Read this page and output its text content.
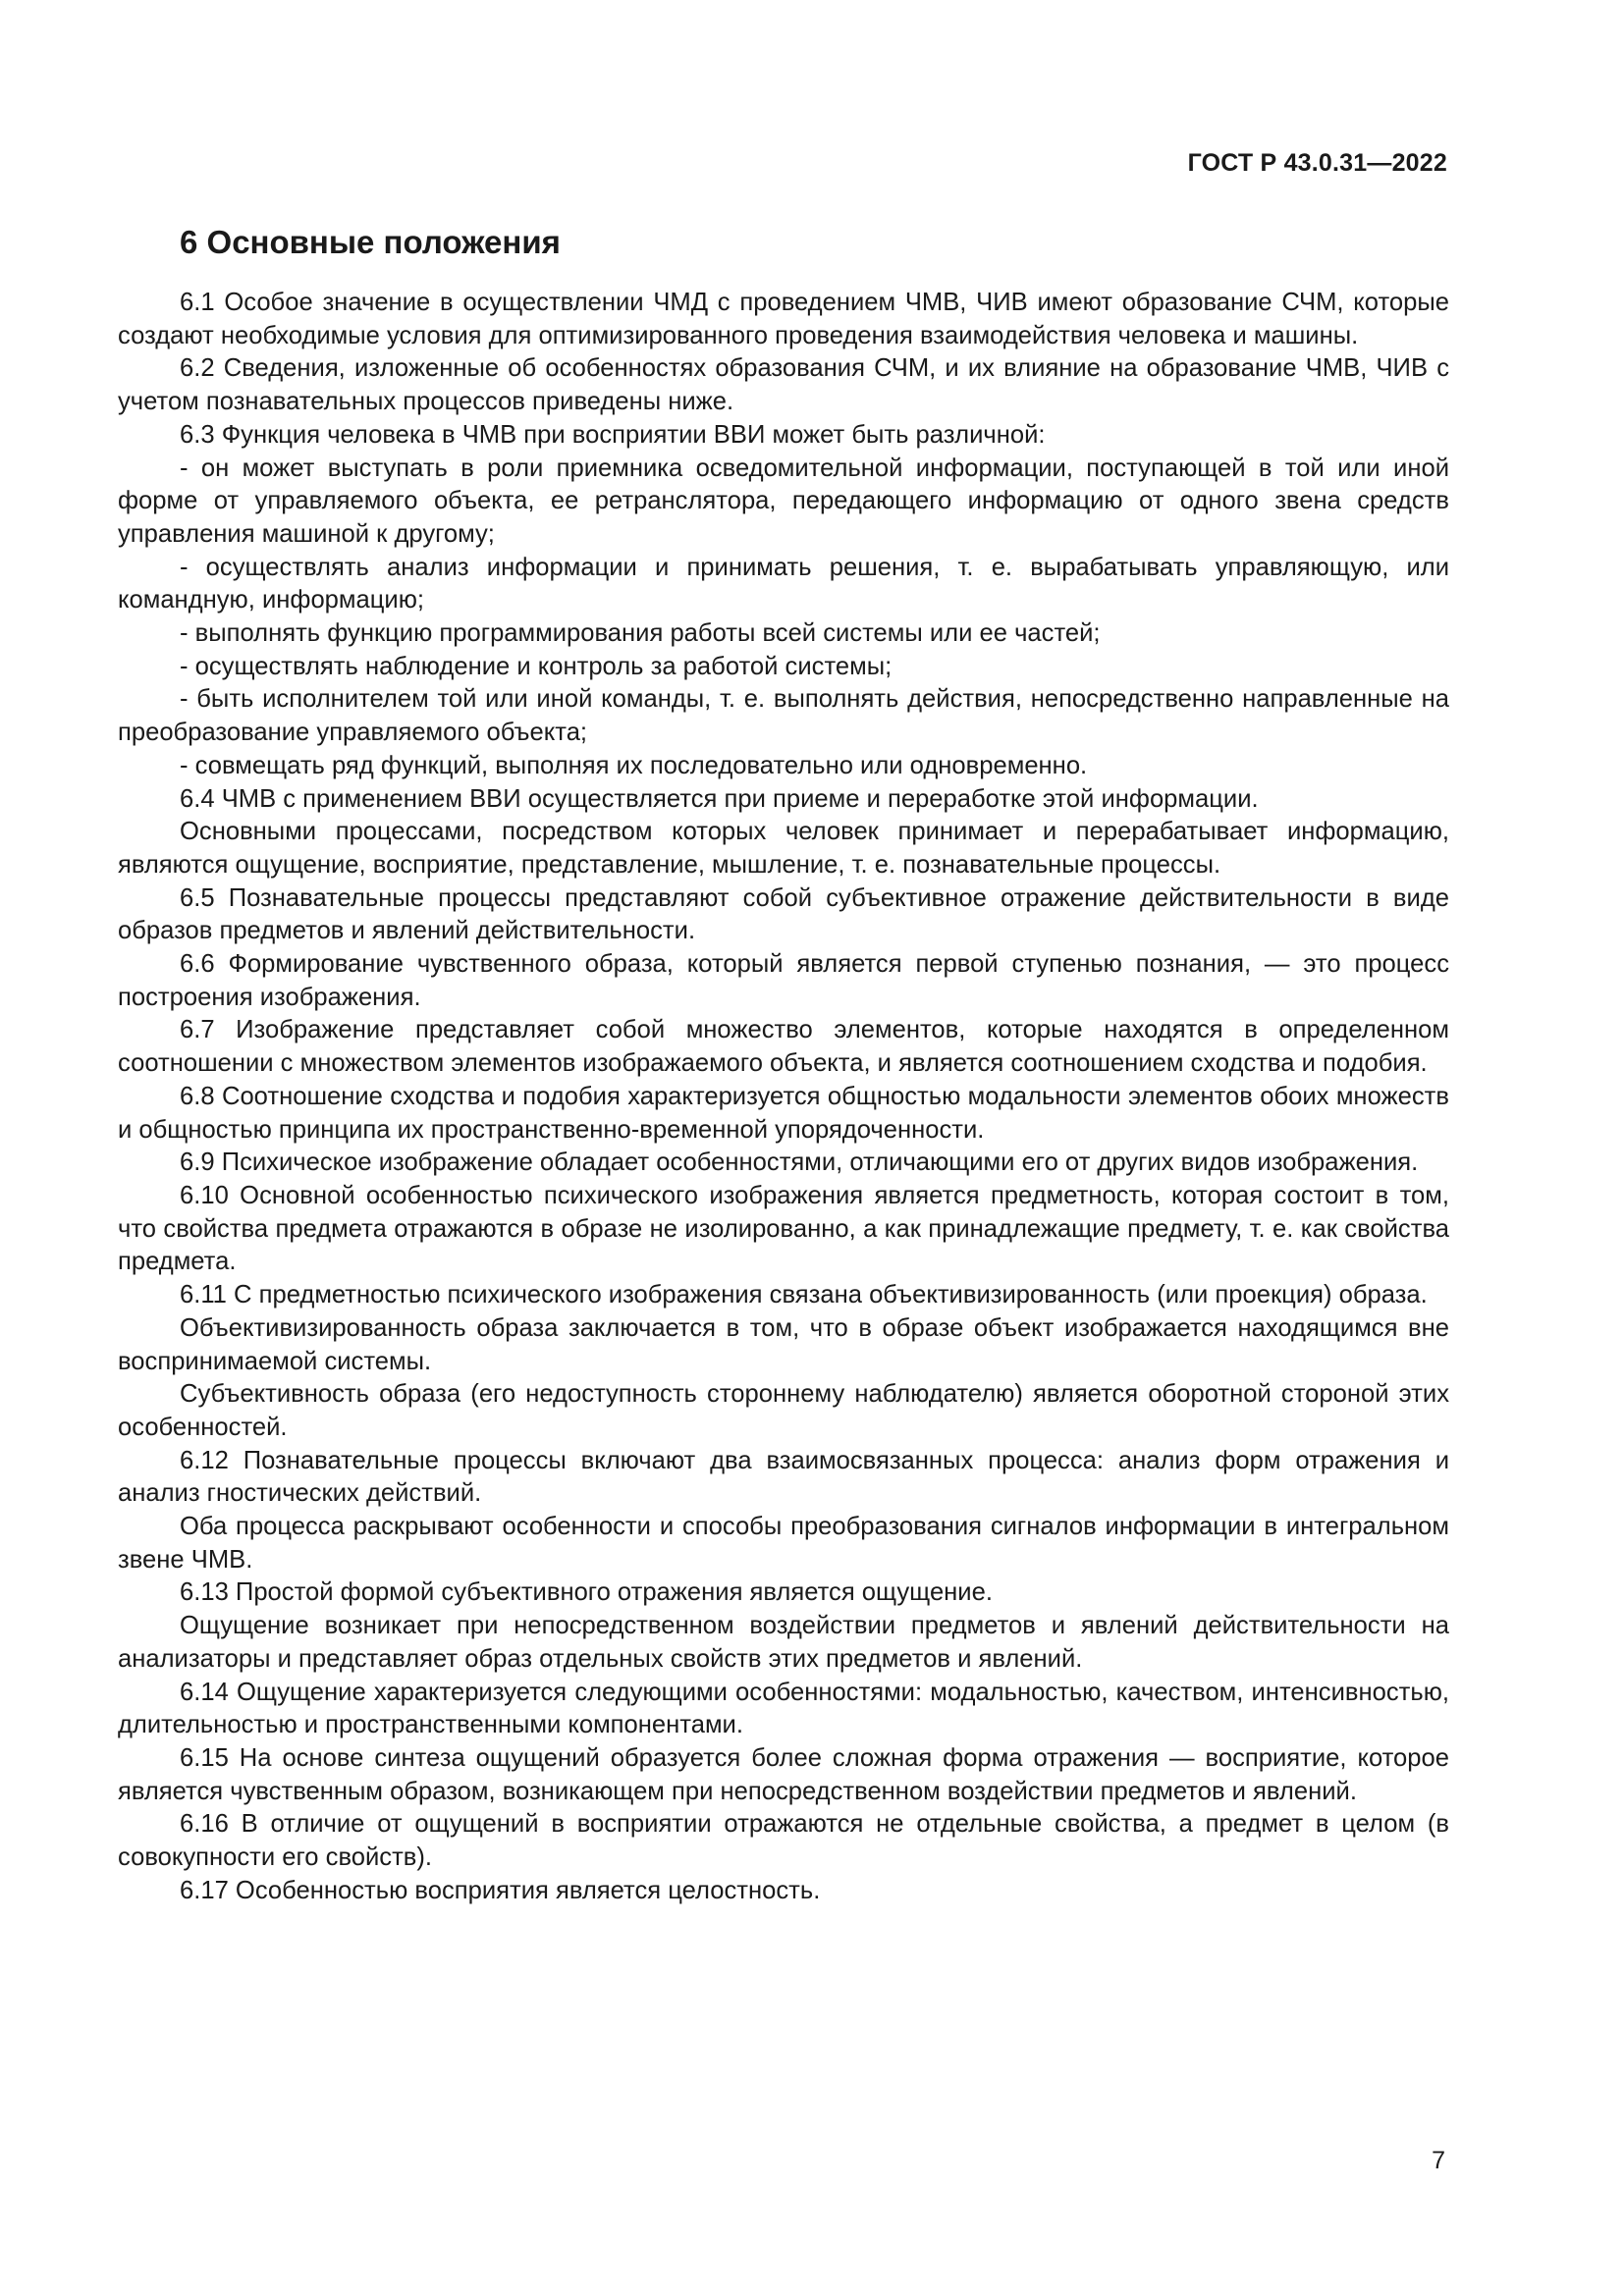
ГОСТ Р 43.0.31—2022
6 Основные положения

6.1 Особое значение в осуществлении ЧМД с проведением ЧМВ, ЧИВ имеют образование СЧМ, которые создают необходимые условия для оптимизированного проведения взаимодействия человека и машины.

6.2 Сведения, изложенные об особенностях образования СЧМ, и их влияние на образование ЧМВ, ЧИВ с учетом познавательных процессов приведены ниже.

6.3 Функция человека в ЧМВ при восприятии ВВИ может быть различной:

- он может выступать в роли приемника осведомительной информации, поступающей в той или иной форме от управляемого объекта, ее ретранслятора, передающего информацию от одного звена средств управления машиной к другому;

- осуществлять анализ информации и принимать решения, т. е. вырабатывать управляющую, или командную, информацию;

- выполнять функцию программирования работы всей системы или ее частей;

- осуществлять наблюдение и контроль за работой системы;

- быть исполнителем той или иной команды, т. е. выполнять действия, непосредственно направленные на преобразование управляемого объекта;

- совмещать ряд функций, выполняя их последовательно или одновременно.

6.4 ЧМВ с применением ВВИ осуществляется при приеме и переработке этой информации.

Основными процессами, посредством которых человек принимает и перерабатывает информацию, являются ощущение, восприятие, представление, мышление, т. е. познавательные процессы.

6.5 Познавательные процессы представляют собой субъективное отражение действительности в виде образов предметов и явлений действительности.

6.6 Формирование чувственного образа, который является первой ступенью познания, — это процесс построения изображения.

6.7 Изображение представляет собой множество элементов, которые находятся в определенном соотношении с множеством элементов изображаемого объекта, и является соотношением сходства и подобия.

6.8 Соотношение сходства и подобия характеризуется общностью модальности элементов обоих множеств и общностью принципа их пространственно-временной упорядоченности.

6.9 Психическое изображение обладает особенностями, отличающими его от других видов изображения.

6.10 Основной особенностью психического изображения является предметность, которая состоит в том, что свойства предмета отражаются в образе не изолированно, а как принадлежащие предмету, т. е. как свойства предмета.

6.11 С предметностью психического изображения связана объективизированность (или проекция) образа.

Объективизированность образа заключается в том, что в образе объект изображается находящимся вне воспринимаемой системы.

Субъективность образа (его недоступность стороннему наблюдателю) является оборотной стороной этих особенностей.

6.12 Познавательные процессы включают два взаимосвязанных процесса: анализ форм отражения и анализ гностических действий.

Оба процесса раскрывают особенности и способы преобразования сигналов информации в интегральном звене ЧМВ.

6.13 Простой формой субъективного отражения является ощущение.

Ощущение возникает при непосредственном воздействии предметов и явлений действительности на анализаторы и представляет образ отдельных свойств этих предметов и явлений.

6.14 Ощущение характеризуется следующими особенностями: модальностью, качеством, интенсивностью, длительностью и пространственными компонентами.

6.15 На основе синтеза ощущений образуется более сложная форма отражения — восприятие, которое является чувственным образом, возникающем при непосредственном воздействии предметов и явлений.

6.16 В отличие от ощущений в восприятии отражаются не отдельные свойства, а предмет в целом (в совокупности его свойств).

6.17 Особенностью восприятия является целостность.

7
